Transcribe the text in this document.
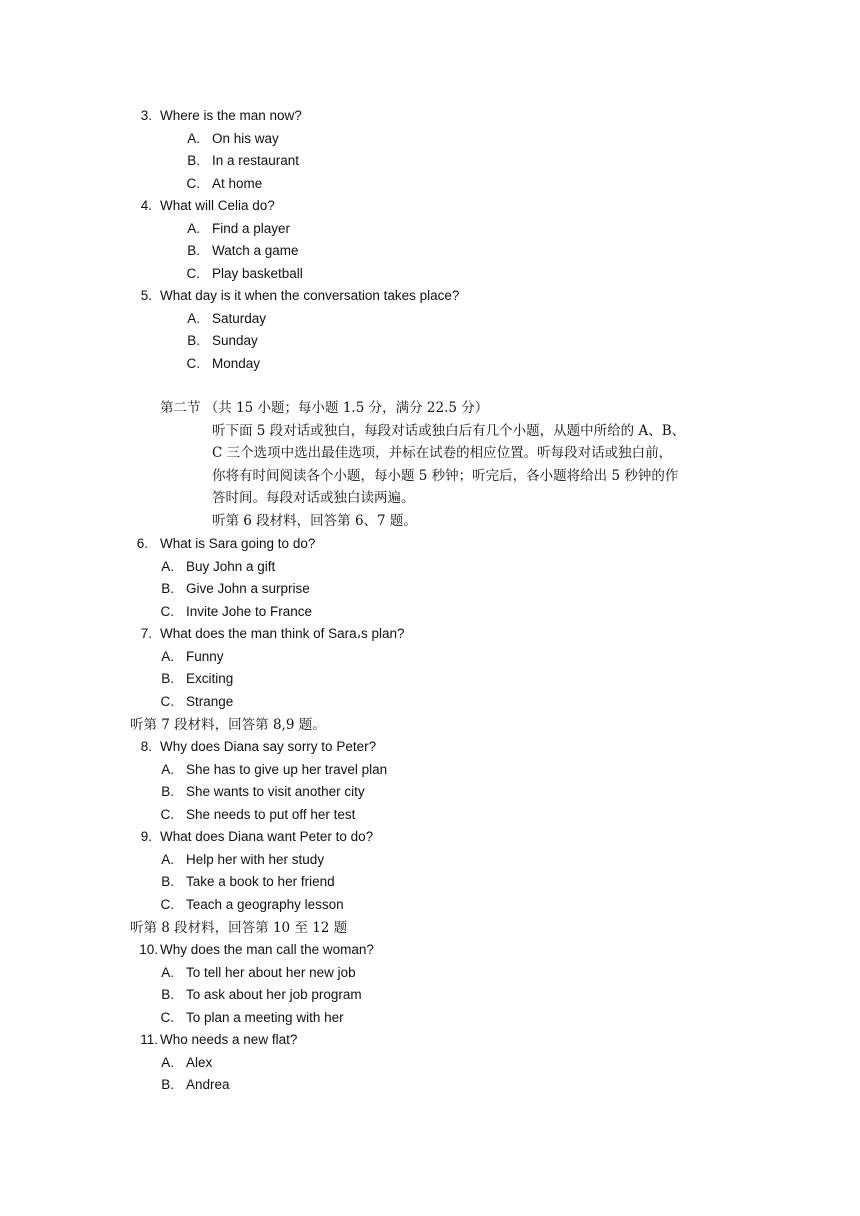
3. Where is the man now?
A. On his way
B. In a restaurant
C. At home
4. What will Celia do?
A. Find a player
B. Watch a game
C. Play basketball
5. What day is it when the conversation takes place?
A. Saturday
B. Sunday
C. Monday
第二节 （共 15 小题；每小题 1.5 分，满分 22.5 分）
听下面 5 段对话或独白，每段对话或独白后有几个小题，从题中所给的 A、B、
C 三个选项中选出最佳选项，并标在试卷的相应位置。听每段对话或独白前，
你将有时间阅读各个小题，每小题 5 秒钟；听完后，各小题将给出 5 秒钟的作
答时间。每段对话或独白读两遍。
听第 6 段材料，回答第 6、7 题。
6. What is Sara going to do?
A. Buy John a gift
B. Give John a surprise
C. Invite Johe to France
7. What does the man think of Sara،s plan?
A. Funny
B. Exciting
C. Strange
听第 7 段材料，回答第 8,9 题。
8. Why does Diana say sorry to Peter?
A. She has to give up her travel plan
B. She wants to visit another city
C. She needs to put off her test
9. What does Diana want Peter to do?
A. Help her with her study
B. Take a book to her friend
C. Teach a geography lesson
听第 8 段材料，回答第 10 至 12 题
10. Why does the man call the woman?
A. To tell her about her new job
B. To ask about her job program
C. To plan a meeting with her
11. Who needs a new flat?
A. Alex
B. Andrea
